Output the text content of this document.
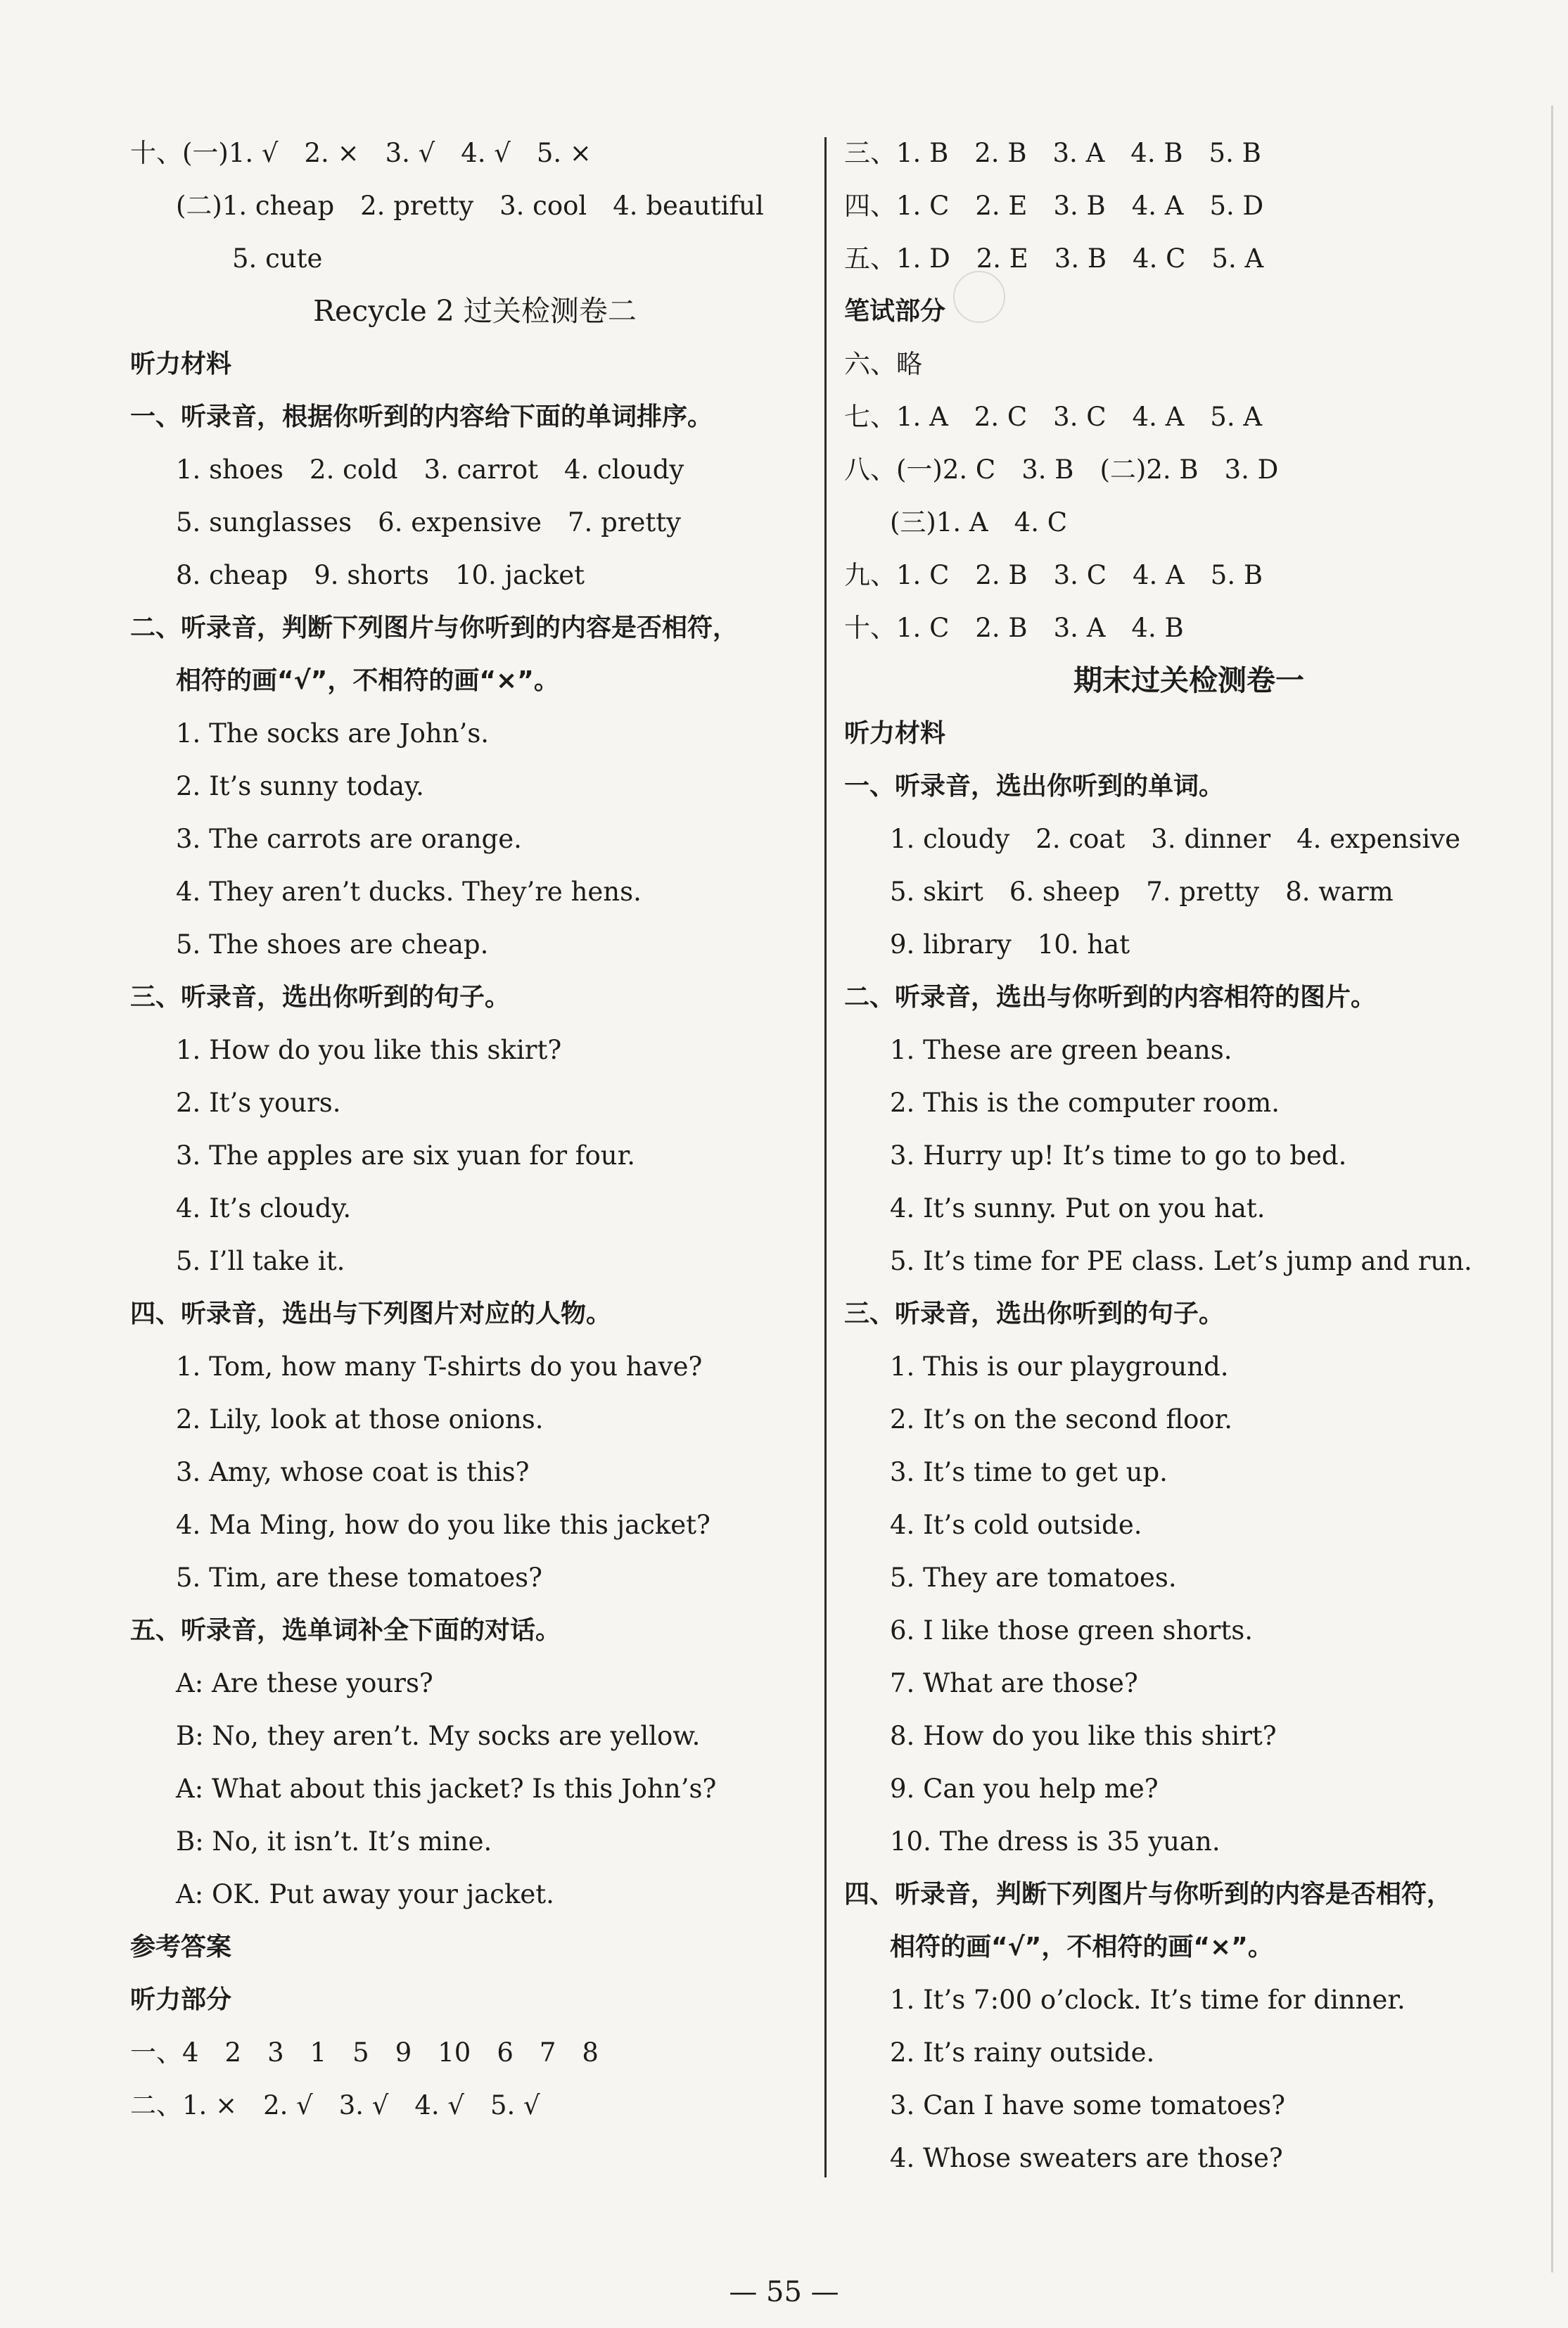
十、(一)1. √　2. ×　3. √　4. √　5. ×
(二)1. cheap　2. pretty　3. cool　4. beautiful
5. cute
Recycle 2 过关检测卷二
听力材料
一、听录音，根据你听到的内容给下面的单词排序。
1. shoes　2. cold　3. carrot　4. cloudy
5. sunglasses　6. expensive　7. pretty
8. cheap　9. shorts　10. jacket
二、听录音，判断下列图片与你听到的内容是否相符，
相符的画“√”，不相符的画“×”。
1. The socks are John’s.
2. It’s sunny today.
3. The carrots are orange.
4. They aren’t ducks. They’re hens.
5. The shoes are cheap.
三、听录音，选出你听到的句子。
1. How do you like this skirt?
2. It’s yours.
3. The apples are six yuan for four.
4. It’s cloudy.
5. I’ll take it.
四、听录音，选出与下列图片对应的人物。
1. Tom, how many T-shirts do you have?
2. Lily, look at those onions.
3. Amy, whose coat is this?
4. Ma Ming, how do you like this jacket?
5. Tim, are these tomatoes?
五、听录音，选单词补全下面的对话。
A: Are these yours?
B: No, they aren’t. My socks are yellow.
A: What about this jacket? Is this John’s?
B: No, it isn’t. It’s mine.
A: OK. Put away your jacket.
参考答案
听力部分
一、4　2　3　1　5　9　10　6　7　8
二、1. ×　2. √　3. √　4. √　5. √
三、1. B　2. B　3. A　4. B　5. B
四、1. C　2. E　3. B　4. A　5. D
五、1. D　2. E　3. B　4. C　5. A
笔试部分
六、略
七、1. A　2. C　3. C　4. A　5. A
八、(一)2. C　3. B　(二)2. B　3. D
(三)1. A　4. C
九、1. C　2. B　3. C　4. A　5. B
十、1. C　2. B　3. A　4. B
期末过关检测卷一
听力材料
一、听录音，选出你听到的单词。
1. cloudy　2. coat　3. dinner　4. expensive
5. skirt　6. sheep　7. pretty　8. warm
9. library　10. hat
二、听录音，选出与你听到的内容相符的图片。
1. These are green beans.
2. This is the computer room.
3. Hurry up! It’s time to go to bed.
4. It’s sunny. Put on you hat.
5. It’s time for PE class. Let’s jump and run.
三、听录音，选出你听到的句子。
1. This is our playground.
2. It’s on the second floor.
3. It’s time to get up.
4. It’s cold outside.
5. They are tomatoes.
6. I like those green shorts.
7. What are those?
8. How do you like this shirt?
9. Can you help me?
10. The dress is 35 yuan.
四、听录音，判断下列图片与你听到的内容是否相符，
相符的画“√”，不相符的画“×”。
1. It’s 7:00 o’clock. It’s time for dinner.
2. It’s rainy outside.
3. Can I have some tomatoes?
4. Whose sweaters are those?
— 55 —
